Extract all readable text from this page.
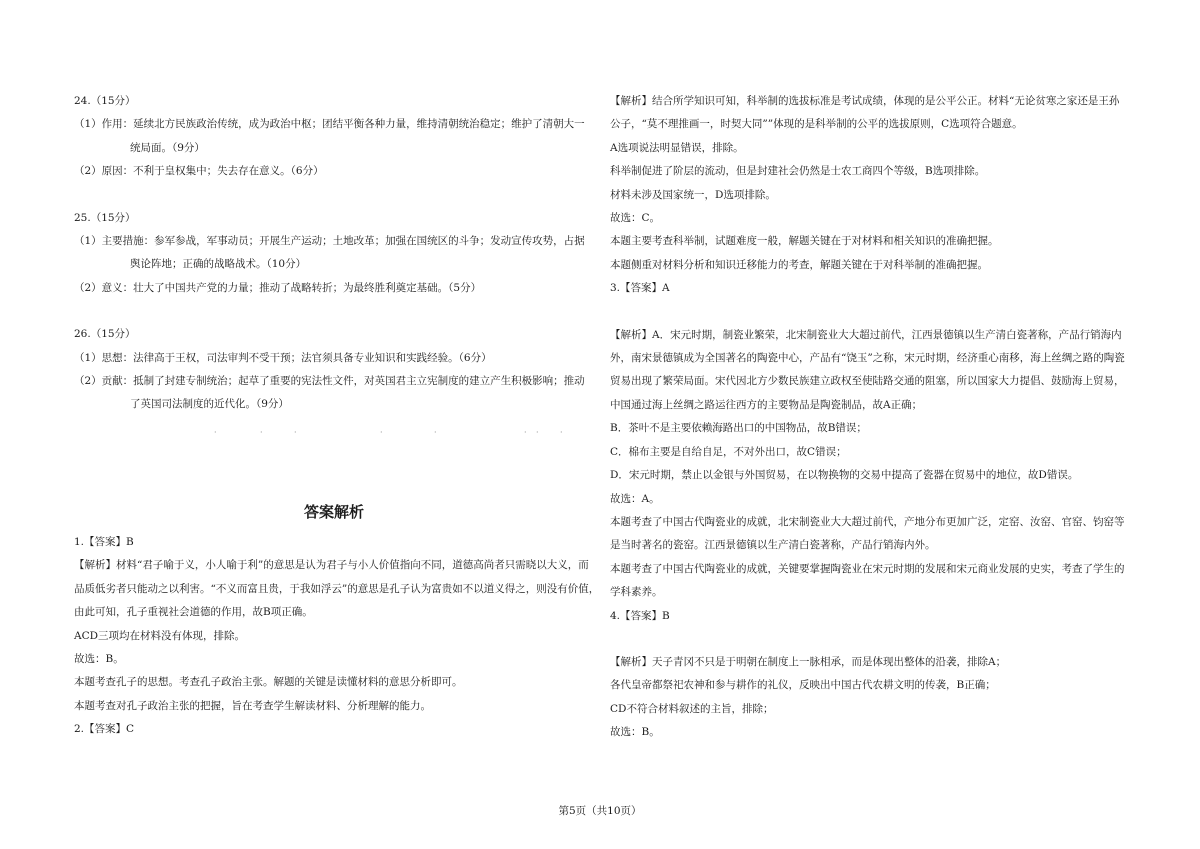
24.（15分）
（1）作用：延续北方民族政治传统，成为政治中枢；团结平衡各种力量，维持清朝统治稳定；维护了清朝大一
统局面。（9分）
（2）原因：不利于皇权集中；失去存在意义。（6分）
25.（15分）
（1）主要措施：参军参战，军事动员；开展生产运动；土地改革；加强在国统区的斗争；发动宣传攻势，占据
舆论阵地；正确的战略战术。（10分）
（2）意义：壮大了中国共产党的力量；推动了战略转折；为最终胜利奠定基础。（5分）
26.（15分）
（1）思想：法律高于王权，司法审判不受干预；法官须具备专业知识和实践经验。（6分）
（2）贡献：抵制了封建专制统治；起草了重要的宪法性文件，对英国君主立宪制度的建立产生积极影响；推动
了英国司法制度的近代化。（9分）
·	·	·	·	·	· ·	·
答案解析
1.【答案】B
【解析】材料“君子喻于义，小人喻于利”的意思是认为君子与小人价值指向不同，道德高尚者只需晓以大义，而
品质低劣者只能动之以利害。“不义而富且贵，于我如浮云”的意思是孔子认为富贵如不以道义得之，则没有价值，
由此可知，孔子重视社会道德的作用，故B项正确。
ACD三项均在材料没有体现，排除。
故选：B。
本题考查孔子的思想。考查孔子政治主张。解题的关键是读懂材料的意思分析即可。
本题考查对孔子政治主张的把握，旨在考查学生解读材料、分析理解的能力。
2.【答案】C
【解析】结合所学知识可知，科举制的选拔标准是考试成绩，体现的是公平公正。材料“无论贫寒之家还是王孙
公子，“莫不理推画一，时契大同””体现的是科举制的公平的选拔原则，C选项符合题意。
A选项说法明显错误，排除。
科举制促进了阶层的流动，但是封建社会仍然是士农工商四个等级，B选项排除。
材料未涉及国家统一，D选项排除。
故选：C。
本题主要考查科举制，试题难度一般，解题关键在于对材料和相关知识的准确把握。
本题侧重对材料分析和知识迁移能力的考查，解题关键在于对科举制的准确把握。
3.【答案】A
【解析】A．宋元时期，制瓷业繁荣，北宋制瓷业大大超过前代，江西景德镇以生产清白瓷著称，产品行销海内
外，南宋景德镇成为全国著名的陶瓷中心，产品有“饶玉”之称，宋元时期，经济重心南移，海上丝绸之路的陶瓷
贸易出现了繁荣局面。宋代因北方少数民族建立政权至使陆路交通的阻塞，所以国家大力提倡、鼓励海上贸易，
中国通过海上丝绸之路运往西方的主要物品是陶瓷制品，故A正确；
B．茶叶不是主要依赖海路出口的中国物品，故B错误；
C．棉布主要是自给自足，不对外出口，故C错误；
D．宋元时期，禁止以金银与外国贸易，在以物换物的交易中提高了瓷器在贸易中的地位，故D错误。
故选：A。
本题考查了中国古代陶瓷业的成就，北宋制瓷业大大超过前代，产地分布更加广泛，定窑、汝窑、官窑、钧窑等
是当时著名的瓷窑。江西景德镇以生产清白瓷著称，产品行销海内外。
本题考查了中国古代陶瓷业的成就，关键要掌握陶瓷业在宋元时期的发展和宋元商业发展的史实，考查了学生的
学科素养。
4.【答案】B
【解析】天子青冈不只是于明朝在制度上一脉相承，而是体现出整体的沿袭，排除A；
各代皇帝都祭祀农神和参与耕作的礼仪，反映出中国古代农耕文明的传袭，B正确；
CD不符合材料叙述的主旨，排除；
故选：B。
第5页（共10页）
